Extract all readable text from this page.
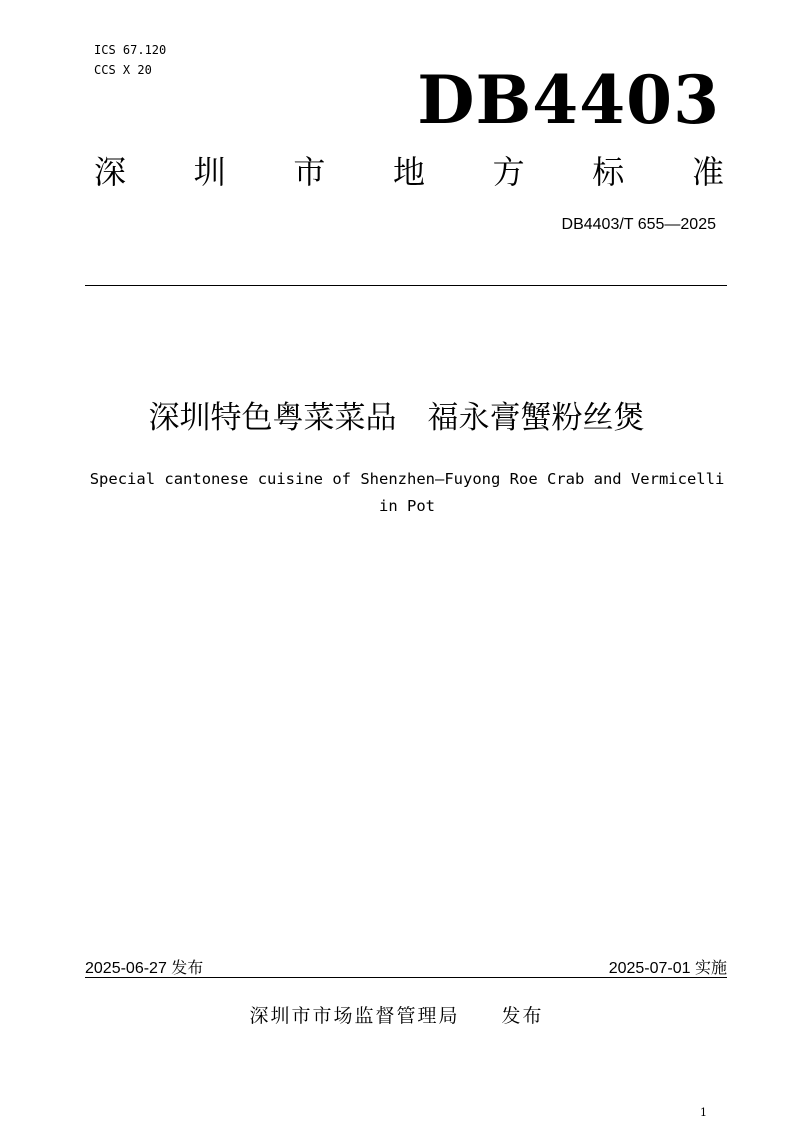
ICS 67.120
CCS X 20	DB4403
深 圳 市 地 方 标 准
DB4403/T 655—2025
深圳特色粤菜菜品　福永膏蟹粉丝煲
Special cantonese cuisine of Shenzhen—Fuyong Roe Crab and Vermicelli in Pot
2025-06-27 发布	2025-07-01 实施
深圳市市场监督管理局　　发布
1
